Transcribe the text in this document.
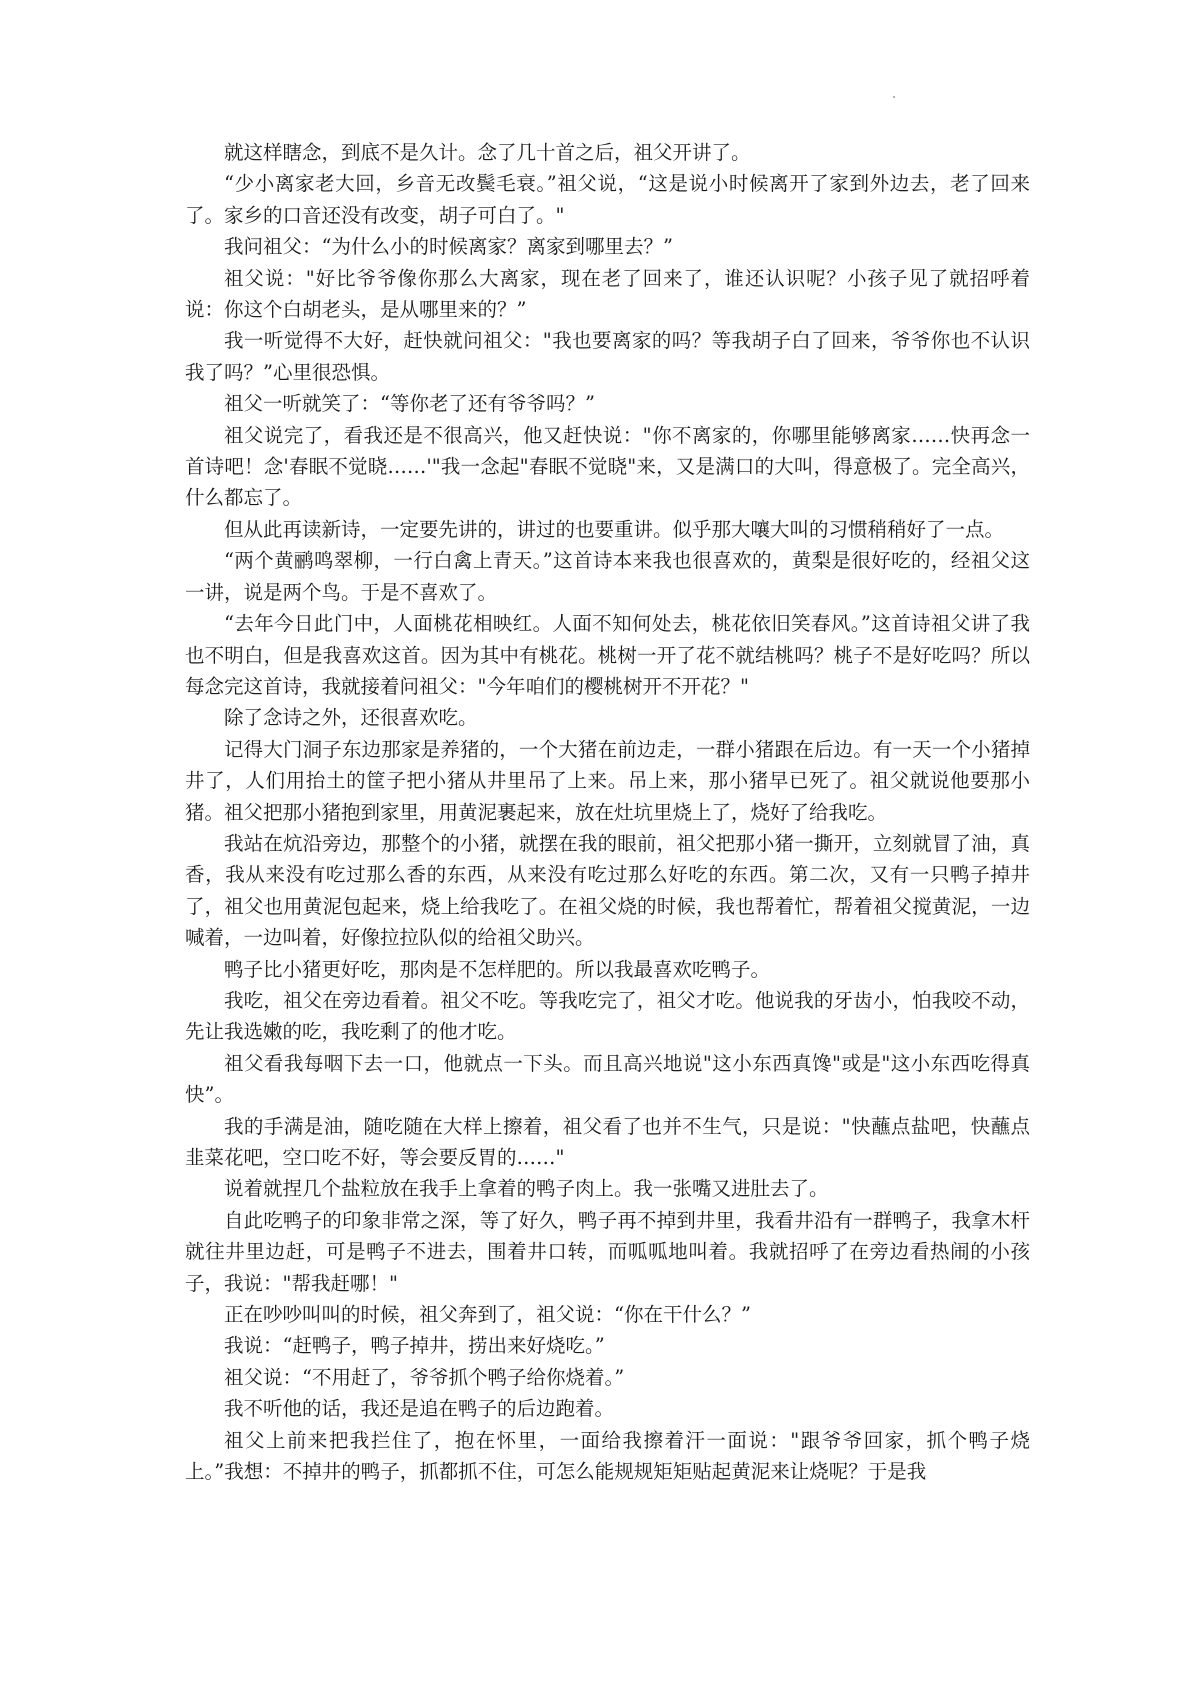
就这样瞎念，到底不是久计。念了几十首之后，祖父开讲了。

“少小离家老大回，乡音无改鬓毛衰。”祖父说，“这是说小时候离开了家到外边去，老了回来了。家乡的口音还没有改变，胡子可白了。"

我问祖父：“为什么小的时候离家？离家到哪里去？”

祖父说："好比爷爷像你那么大离家，现在老了回来了，谁还认识呢？小孩子见了就招呼着说：你这个白胡老头，是从哪里来的？”

我一听觉得不大好，赶快就问祖父："我也要离家的吗？等我胡子白了回来，爷爷你也不认识我了吗？”心里很恐惧。

祖父一听就笑了：“等你老了还有爷爷吗？”

祖父说完了，看我还是不很高兴，他又赶快说："你不离家的，你哪里能够离家……快再念一首诗吧！念'春眠不觉晓……'"我一念起"春眠不觉晓"来，又是满口的大叫，得意极了。完全高兴，什么都忘了。

但从此再读新诗，一定要先讲的，讲过的也要重讲。似乎那大嚷大叫的习惯稍稍好了一点。

“两个黄鹂鸣翠柳，一行白禽上青天。”这首诗本来我也很喜欢的，黄梨是很好吃的，经祖父这一讲，说是两个鸟。于是不喜欢了。

“去年今日此门中，人面桃花相映红。人面不知何处去，桃花依旧笑春风。”这首诗祖父讲了我也不明白，但是我喜欢这首。因为其中有桃花。桃树一开了花不就结桃吗？桃子不是好吃吗？所以每念完这首诗，我就接着问祖父："今年咱们的樱桃树开不开花？"

除了念诗之外，还很喜欢吃。

记得大门洞子东边那家是养猪的，一个大猪在前边走，一群小猪跟在后边。有一天一个小猪掉井了，人们用抬土的筐子把小猪从井里吊了上来。吊上来，那小猪早已死了。祖父就说他要那小猪。祖父把那小猪抱到家里，用黄泥裹起来，放在灶坑里烧上了，烧好了给我吃。

我站在炕沿旁边，那整个的小猪，就摆在我的眼前，祖父把那小猪一撕开，立刻就冒了油，真香，我从来没有吃过那么香的东西，从来没有吃过那么好吃的东西。第二次，又有一只鸭子掉井了，祖父也用黄泥包起来，烧上给我吃了。在祖父烧的时候，我也帮着忙，帮着祖父搅黄泥，一边喊着，一边叫着，好像拉拉队似的给祖父助兴。

鸭子比小猪更好吃，那肉是不怎样肥的。所以我最喜欢吃鸭子。

我吃，祖父在旁边看着。祖父不吃。等我吃完了，祖父才吃。他说我的牙齿小，怕我咬不动，先让我选嫩的吃，我吃剩了的他才吃。

祖父看我每咽下去一口，他就点一下头。而且高兴地说"这小东西真馋"或是"这小东西吃得真快”。

我的手满是油，随吃随在大样上擦着，祖父看了也并不生气，只是说："快蘸点盐吧，快蘸点韭菜花吧，空口吃不好，等会要反胃的……"

说着就捏几个盐粒放在我手上拿着的鸭子肉上。我一张嘴又进肚去了。

自此吃鸭子的印象非常之深，等了好久，鸭子再不掉到井里，我看井沿有一群鸭子，我拿木杆就往井里边赶，可是鸭子不进去，围着井口转，而呱呱地叫着。我就招呼了在旁边看热闹的小孩子，我说："帮我赶哪！"

正在吵吵叫叫的时候，祖父奔到了，祖父说：“你在干什么？”

我说：“赶鸭子，鸭子掉井，捞出来好烧吃。”

祖父说：“不用赶了，爷爷抓个鸭子给你烧着。”

我不听他的话，我还是追在鸭子的后边跑着。

祖父上前来把我拦住了，抱在怀里，一面给我擦着汗一面说："跟爷爷回家，抓个鸭子烧上。”我想：不掉井的鸭子，抓都抓不住，可怎么能规规矩矩贴起黄泥来让烧呢？于是我
